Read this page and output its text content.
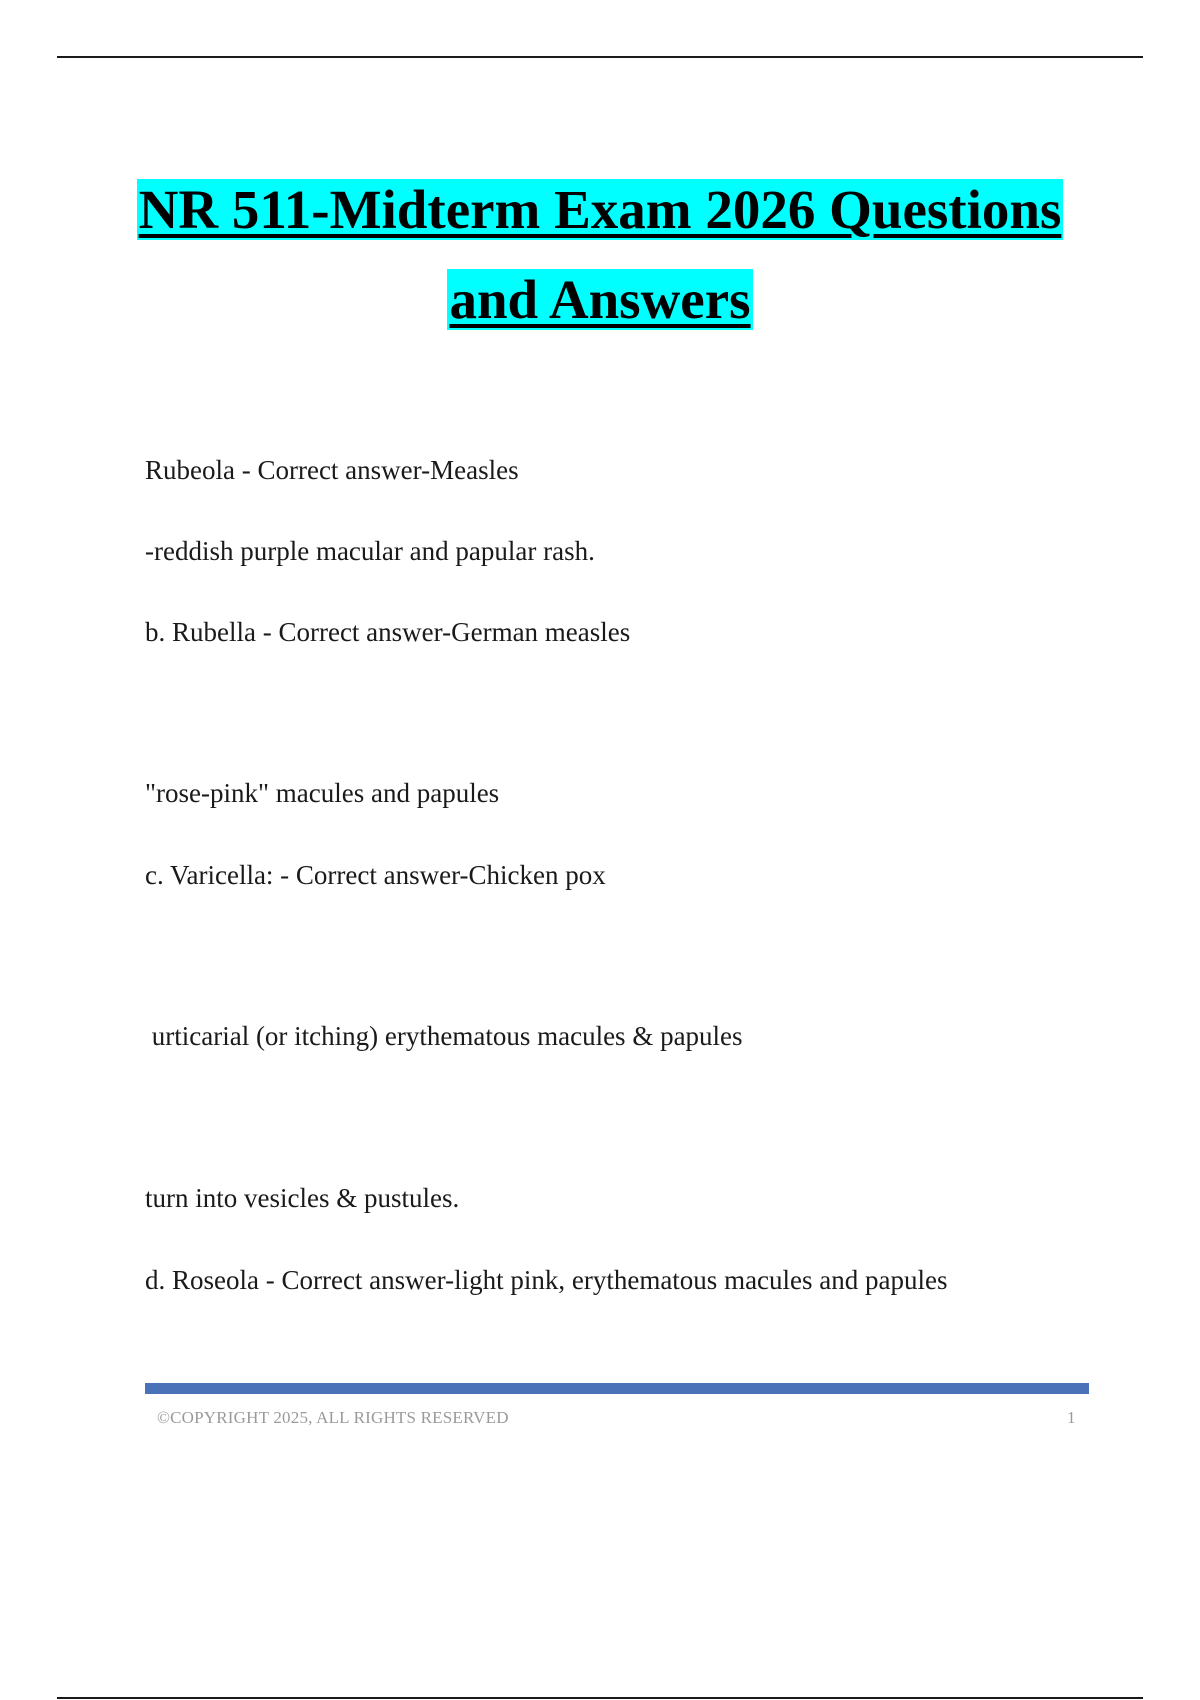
NR 511-Midterm Exam 2026 Questions
and Answers
Rubeola - Correct answer-Measles
-reddish purple macular and papular rash.
b. Rubella - Correct answer-German measles
"rose-pink" macules and papules
c. Varicella: - Correct answer-Chicken pox
urticarial (or itching) erythematous macules & papules
turn into vesicles & pustules.
d. Roseola - Correct answer-light pink, erythematous macules and papules
©COPYRIGHT 2025, ALL RIGHTS RESERVED	1
